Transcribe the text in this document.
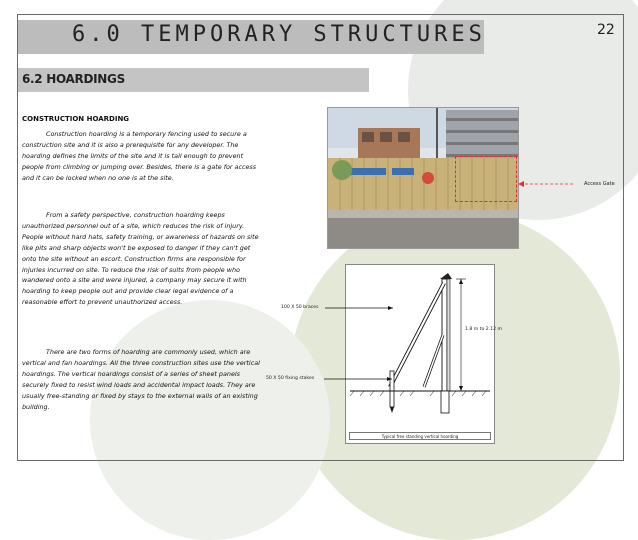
6.0 TEMPORARY STRUCTURES	22
6.2 HOARDINGS
CONSTRUCTION HOARDING

Construction hoarding is a temporary fencing used to secure a construction site and it is also a prerequisite for any developer. The hoarding defines the limits of the site and it is tall enough to prevent people from climbing or jumping over. Besides, there is a gate for access and it can be locked when no one is at the site.

From a safety perspective, construction hoarding keeps unauthorized personnel out of a site, which reduces the risk of injury. People without hard hats, safety training, or awareness of hazards on site like pits and sharp objects won't be exposed to danger if they can't get onto the site without an escort. Construction firms are responsible for injuries incurred on site. To reduce the risk of suits from people who wandered onto a site and were injured, a company may secure it with hoarding to keep people out and provide clear legal evidence of a reasonable effort to prevent unauthorized access.

There are two forms of hoarding are commonly used, which are vertical and fan hoardings. All the three construction sites use the vertical hoardings. The vertical hoardings consist of a series of sheet panels securely fixed to resist wind loads and accidental impact loads. They are usually free-standing or fixed by stays to the external walls of an existing building.

Access Gate
Typical free standing vertical hoarding
100 X 50 braces
50 X 50 fixing stakes
1.8 m to 2.12 m
